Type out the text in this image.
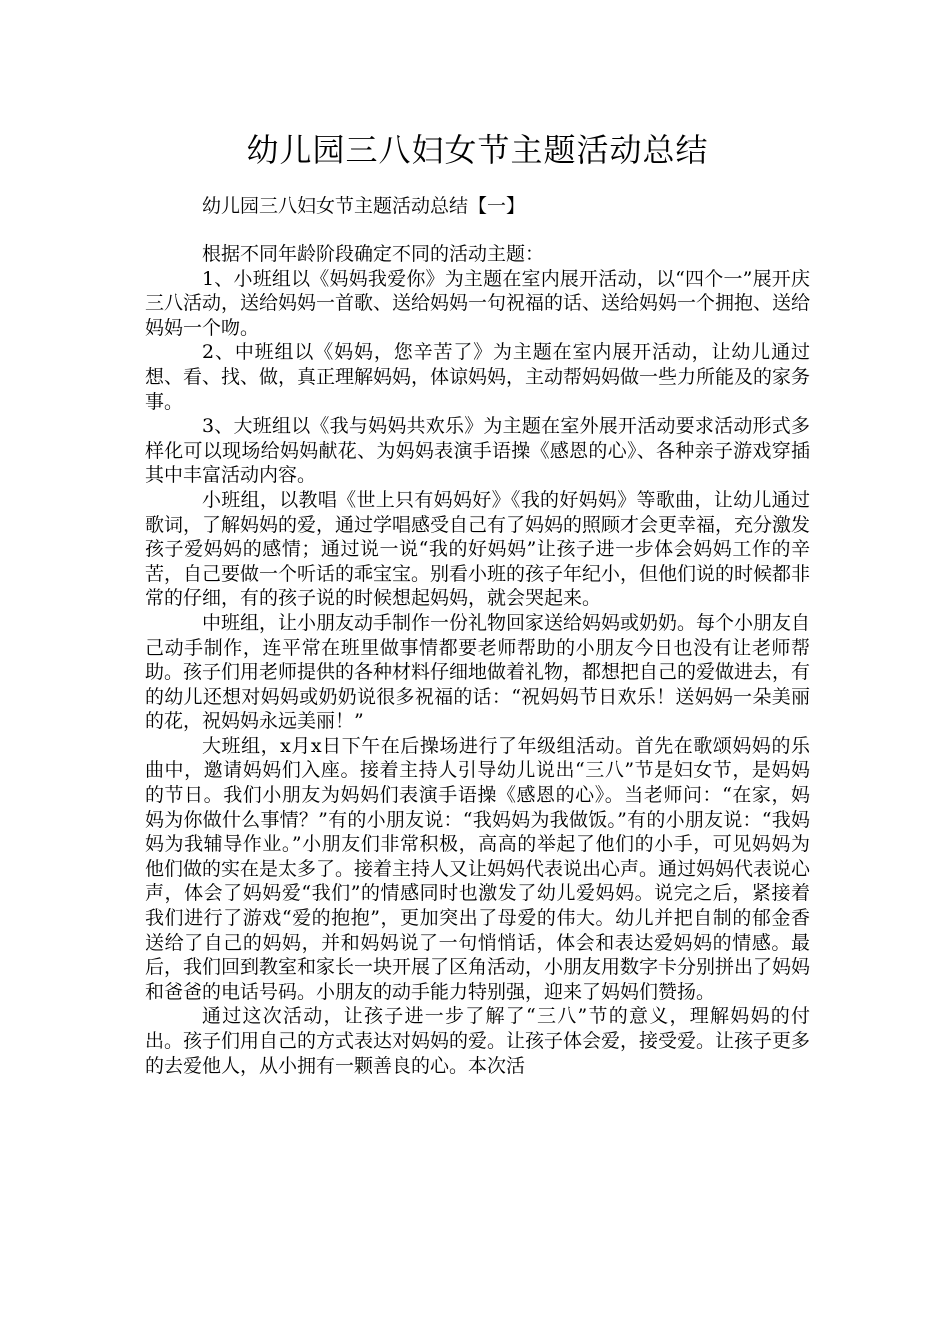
幼儿园三八妇女节主题活动总结

幼儿园三八妇女节主题活动总结【一】

根据不同年龄阶段确定不同的活动主题：

1、小班组以《妈妈我爱你》为主题在室内展开活动，以“四个一”展开庆三八活动，送给妈妈一首歌、送给妈妈一句祝福的话、送给妈妈一个拥抱、送给妈妈一个吻。

2、中班组以《妈妈，您辛苦了》为主题在室内展开活动，让幼儿通过想、看、找、做，真正理解妈妈，体谅妈妈，主动帮妈妈做一些力所能及的家务事。

3、大班组以《我与妈妈共欢乐》为主题在室外展开活动要求活动形式多样化可以现场给妈妈献花、为妈妈表演手语操《感恩的心》、各种亲子游戏穿插其中丰富活动内容。

小班组，以教唱《世上只有妈妈好》《我的好妈妈》等歌曲，让幼儿通过歌词，了解妈妈的爱，通过学唱感受自己有了妈妈的照顾才会更幸福，充分激发孩子爱妈妈的感情；通过说一说“我的好妈妈”让孩子进一步体会妈妈工作的辛苦，自己要做一个听话的乖宝宝。别看小班的孩子年纪小，但他们说的时候都非常的仔细，有的孩子说的时候想起妈妈，就会哭起来。

中班组，让小朋友动手制作一份礼物回家送给妈妈或奶奶。每个小朋友自己动手制作，连平常在班里做事情都要老师帮助的小朋友今日也没有让老师帮助。孩子们用老师提供的各种材料仔细地做着礼物，都想把自己的爱做进去，有的幼儿还想对妈妈或奶奶说很多祝福的话：“祝妈妈节日欢乐！送妈妈一朵美丽的花，祝妈妈永远美丽！”

大班组，x月x日下午在后操场进行了年级组活动。首先在歌颂妈妈的乐曲中，邀请妈妈们入座。接着主持人引导幼儿说出“三八”节是妇女节，是妈妈的节日。我们小朋友为妈妈们表演手语操《感恩的心》。当老师问：“在家，妈妈为你做什么事情？”有的小朋友说：“我妈妈为我做饭。”有的小朋友说：“我妈妈为我辅导作业。”小朋友们非常积极，高高的举起了他们的小手，可见妈妈为他们做的实在是太多了。接着主持人又让妈妈代表说出心声。通过妈妈代表说心声，体会了妈妈爱“我们”的情感同时也激发了幼儿爱妈妈。说完之后，紧接着我们进行了游戏“爱的抱抱”，更加突出了母爱的伟大。幼儿并把自制的郁金香送给了自己的妈妈，并和妈妈说了一句悄悄话，体会和表达爱妈妈的情感。最后，我们回到教室和家长一块开展了区角活动，小朋友用数字卡分别拼出了妈妈和爸爸的电话号码。小朋友的动手能力特别强，迎来了妈妈们赞扬。

通过这次活动，让孩子进一步了解了“三八”节的意义，理解妈妈的付出。孩子们用自己的方式表达对妈妈的爱。让孩子体会爱，接受爱。让孩子更多的去爱他人，从小拥有一颗善良的心。本次活
